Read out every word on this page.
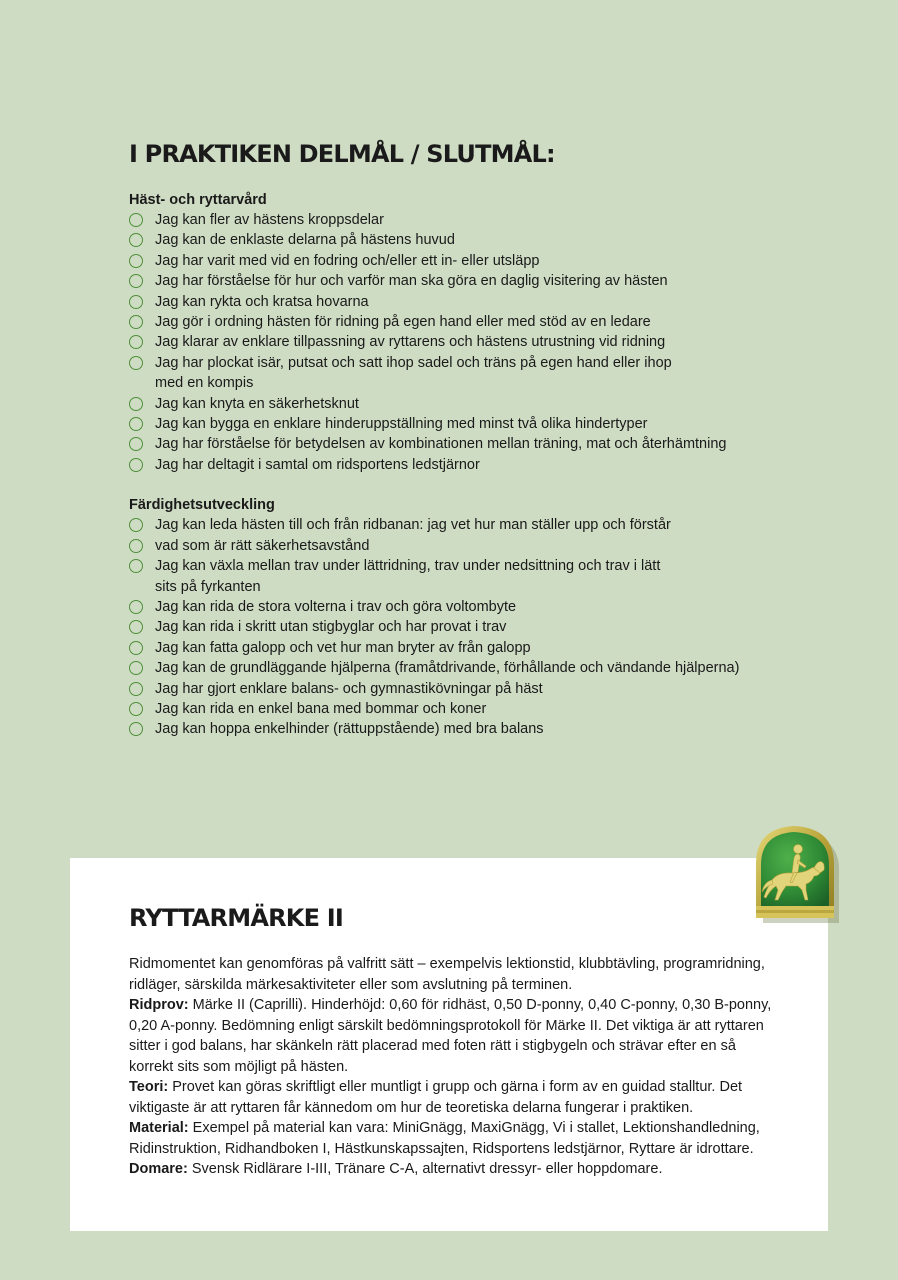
I PRAKTIKEN DELMÅL / SLUTMÅL:
Häst- och ryttarvård
Jag kan fler av hästens kroppsdelar
Jag kan de enklaste delarna på hästens huvud
Jag har varit med vid en fodring och/eller ett in- eller utsläpp
Jag har förståelse för hur och varför man ska göra en daglig visitering av hästen
Jag kan rykta och kratsa hovarna
Jag gör i ordning hästen för ridning på egen hand eller med stöd av en ledare
Jag klarar av enklare tillpassning av ryttarens och hästens utrustning vid ridning
Jag har plockat isär, putsat och satt ihop sadel och träns på egen hand eller ihop
med en kompis
Jag kan knyta en säkerhetsknut
Jag kan bygga en enklare hinderuppställning med minst två olika hindertyper
Jag har förståelse för betydelsen av kombinationen mellan träning, mat och återhämtning
Jag har deltagit i samtal om ridsportens ledstjärnor
Färdighetsutveckling
Jag kan leda hästen till och från ridbanan: jag vet hur man ställer upp och förstår
vad som är rätt säkerhetsavstånd
Jag kan växla mellan trav under lättridning, trav under nedsittning och trav i lätt
sits på fyrkanten
Jag kan rida de stora volterna i trav och göra voltombyte
Jag kan rida i skritt utan stigbyglar och har provat i trav
Jag kan fatta galopp och vet hur man bryter av från galopp
Jag kan de grundläggande hjälperna (framåtdrivande, förhållande och vändande hjälperna)
Jag har gjort enklare balans- och gymnastikövningar på häst
Jag kan rida en enkel bana med bommar och koner
Jag kan hoppa enkelhinder (rättuppstående) med bra balans
RYTTARMÄRKE II

Ridmomentet kan genomföras på valfritt sätt – exempelvis lektionstid, klubbtävling, programridning, ridläger, särskilda märkesaktiviteter eller som avslutning på terminen.

Ridprov: Märke II (Caprilli). Hinderhöjd: 0,60 för ridhäst, 0,50 D-ponny, 0,40 C-ponny, 0,30 B-ponny, 0,20 A-ponny. Bedömning enligt särskilt bedömningsprotokoll för Märke II. Det viktiga är att ryttaren sitter i god balans, har skänkeln rätt placerad med foten rätt i stigbygeln och strävar efter en så korrekt sits som möjligt på hästen.

Teori: Provet kan göras skriftligt eller muntligt i grupp och gärna i form av en guidad stalltur. Det viktigaste är att ryttaren får kännedom om hur de teoretiska delarna fungerar i praktiken.

Material: Exempel på material kan vara: MiniGnägg, MaxiGnägg, Vi i stallet, Lektionshandledning, Ridinstruktion, Ridhandboken I, Hästkunskapssajten, Ridsportens ledstjärnor, Ryttare är idrottare.

Domare: Svensk Ridlärare I-III, Tränare C-A, alternativt dressyr- eller hoppdomare.
